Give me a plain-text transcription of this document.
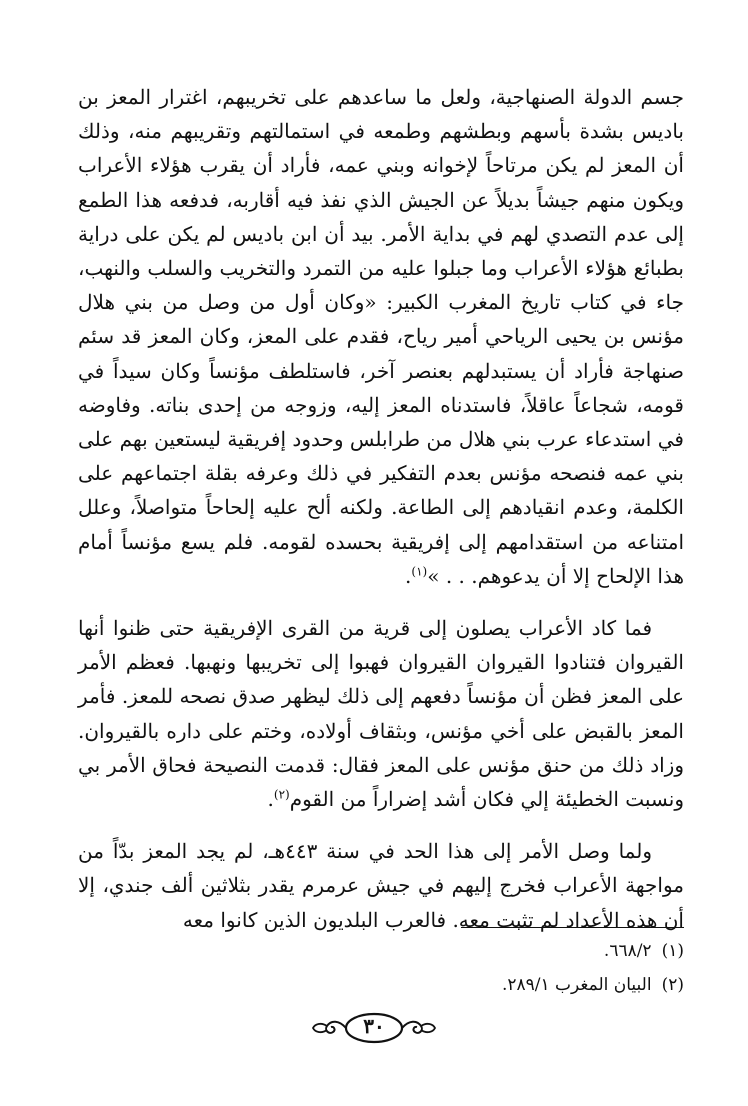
جسم الدولة الصنهاجية، ولعل ما ساعدهم على تخريبهم، اغترار المعز بن باديس بشدة بأسهم وبطشهم وطمعه في استمالتهم وتقريبهم منه، وذلك أن المعز لم يكن مرتاحاً لإخوانه وبني عمه، فأراد أن يقرب هؤلاء الأعراب ويكون منهم جيشاً بديلاً عن الجيش الذي نفذ فيه أقاربه، فدفعه هذا الطمع إلى عدم التصدي لهم في بداية الأمر. بيد أن ابن باديس لم يكن على دراية بطبائع هؤلاء الأعراب وما جبلوا عليه من التمرد والتخريب والسلب والنهب، جاء في كتاب تاريخ المغرب الكبير: «وكان أول من وصل من بني هلال مؤنس بن يحيى الرياحي أمير رياح، فقدم على المعز، وكان المعز قد سئم صنهاجة فأراد أن يستبدلهم بعنصر آخر، فاستلطف مؤنساً وكان سيداً في قومه، شجاعاً عاقلاً، فاستدناه المعز إليه، وزوجه من إحدى بناته. وفاوضه في استدعاء عرب بني هلال من طرابلس وحدود إفريقية ليستعين بهم على بني عمه فنصحه مؤنس بعدم التفكير في ذلك وعرفه بقلة اجتماعهم على الكلمة، وعدم انقيادهم إلى الطاعة. ولكنه ألح عليه إلحاحاً متواصلاً، وعلل امتناعه من استقدامهم إلى إفريقية بحسده لقومه. فلم يسع مؤنساً أمام هذا الإلحاح إلا أن يدعوهم. . . »$^{(١)}$.

فما كاد الأعراب يصلون إلى قرية من القرى الإفريقية حتى ظنوا أنها القيروان فتنادوا القيروان القيروان فهبوا إلى تخريبها ونهبها. فعظم الأمر على المعز فظن أن مؤنساً دفعهم إلى ذلك ليظهر صدق نصحه للمعز. فأمر المعز بالقبض على أخي مؤنس، وبثقاف أولاده، وختم على داره بالقيروان. وزاد ذلك من حنق مؤنس على المعز فقال: قدمت النصيحة فحاق الأمر بي ونسبت الخطيئة إلي فكان أشد إضراراً من القوم$^{(٢)}$.

ولما وصل الأمر إلى هذا الحد في سنة ٤٤٣هـ، لم يجد المعز بدّاً من مواجهة الأعراب فخرج إليهم في جيش عرمرم يقدر بثلاثين ألف جندي، إلا أن هذه الأعداد لم تثبت معه. فالعرب البلديون الذين كانوا معه

(١)٦٦٨/٢.

(٢)البيان المغرب ٢٨٩/١.

٣٠
